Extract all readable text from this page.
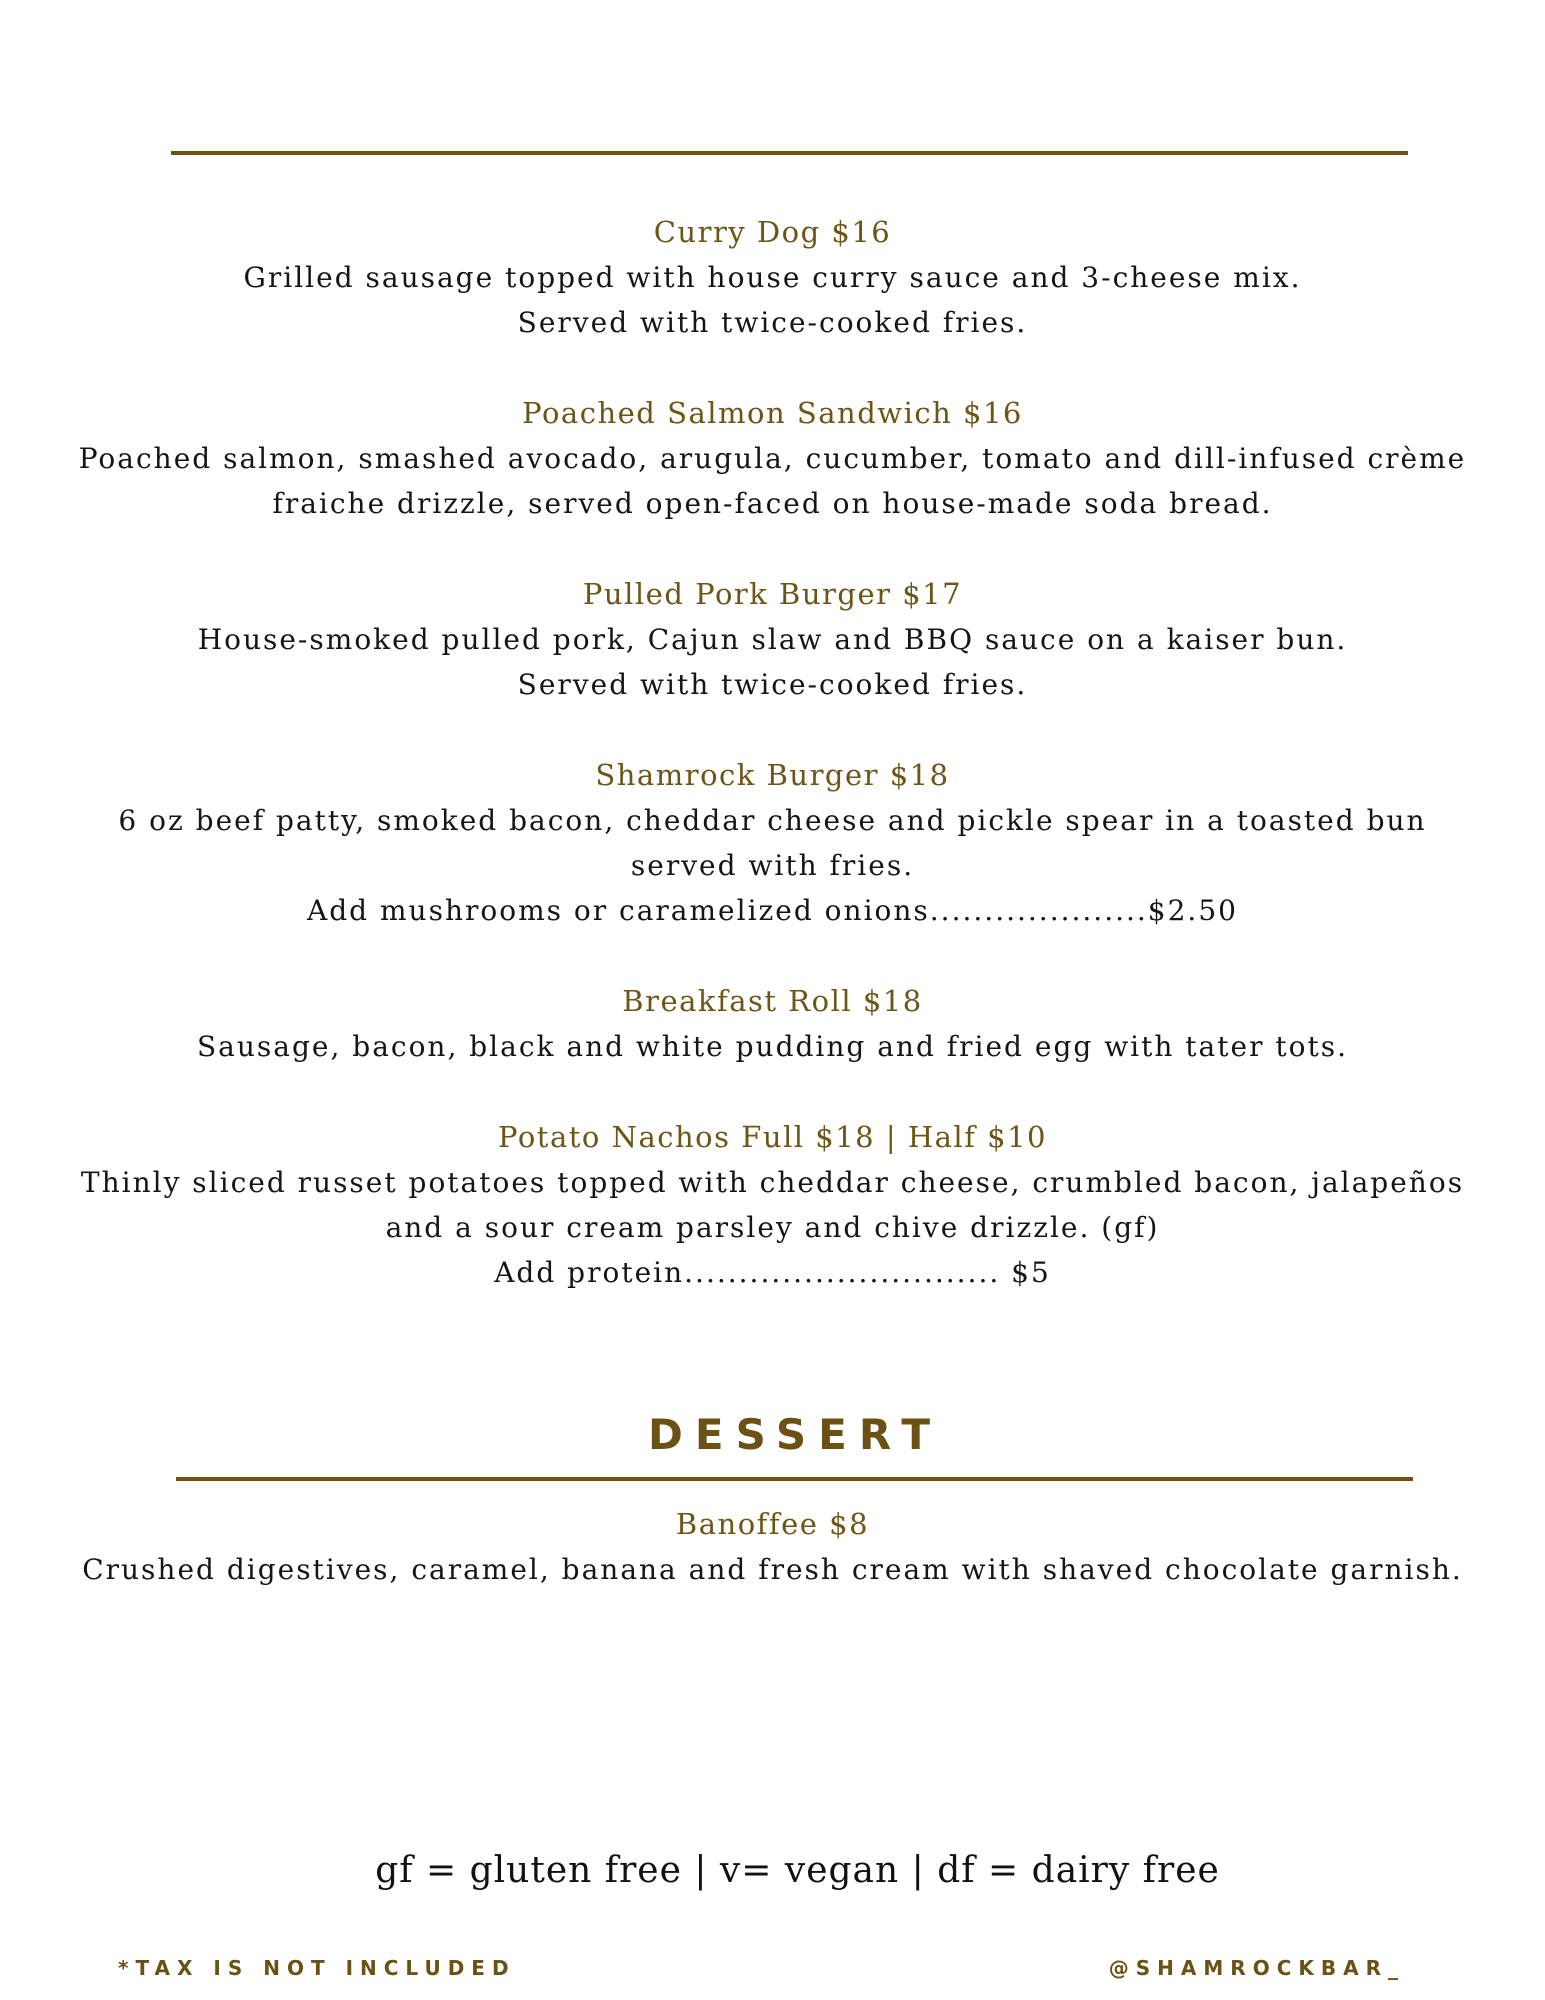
Curry Dog $16

Grilled sausage topped with house curry sauce and 3-cheese mix.

Served with twice-cooked fries.

Poached Salmon Sandwich $16

Poached salmon, smashed avocado, arugula, cucumber, tomato and dill-infused crème

fraiche drizzle, served open-faced on house-made soda bread.

Pulled Pork Burger $17

House-smoked pulled pork, Cajun slaw and BBQ sauce on a kaiser bun.

Served with twice-cooked fries.

Shamrock Burger $18

6 oz beef patty, smoked bacon, cheddar cheese and pickle spear in a toasted bun

served with fries.

Add mushrooms or caramelized onions....................$2.50

Breakfast Roll $18

Sausage, bacon, black and white pudding and fried egg with tater tots.

Potato Nachos Full $18 | Half $10

Thinly sliced russet potatoes topped with cheddar cheese, crumbled bacon, jalapeños

and a sour cream parsley and chive drizzle. (gf)

Add protein............................. $5

DESSERT

Banoffee $8

Crushed digestives, caramel, banana and fresh cream with shaved chocolate garnish.

gf = gluten free | v= vegan | df = dairy free

*TAX IS NOT INCLUDED	@SHAMROCKBAR_
